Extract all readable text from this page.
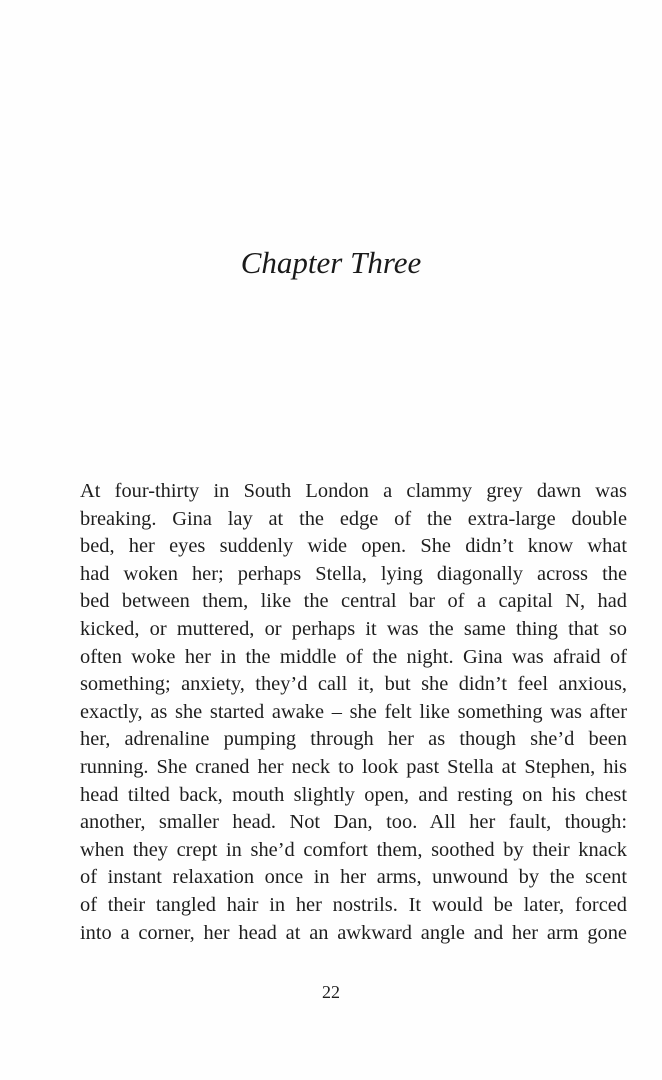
Chapter Three
At four-thirty in South London a clammy grey dawn was
breaking. Gina lay at the edge of the extra-large double
bed, her eyes suddenly wide open. She didn’t know what
had woken her; perhaps Stella, lying diagonally across the
bed between them, like the central bar of a capital N, had
kicked, or muttered, or perhaps it was the same thing that so
often woke her in the middle of the night. Gina was afraid of
something; anxiety, they’d call it, but she didn’t feel anxious,
exactly, as she started awake – she felt like something was after
her, adrenaline pumping through her as though she’d been
running. She craned her neck to look past Stella at Stephen, his
head tilted back, mouth slightly open, and resting on his chest
another, smaller head. Not Dan, too. All her fault, though:
when they crept in she’d comfort them, soothed by their knack
of instant relaxation once in her arms, unwound by the scent
of their tangled hair in her nostrils. It would be later, forced
into a corner, her head at an awkward angle and her arm gone
22
